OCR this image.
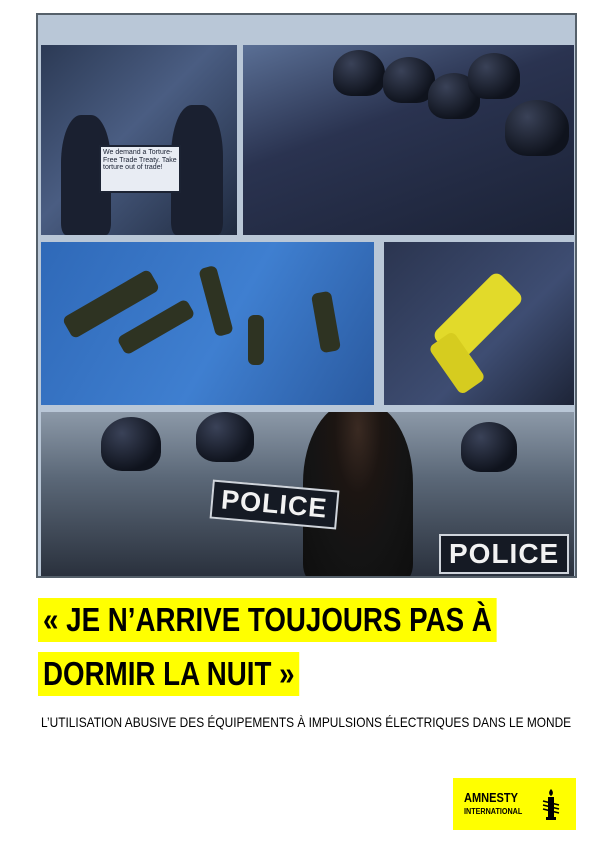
We demand a Torture-Free Trade Treaty. Take torture out of trade!
POLICE
POLICE
« JE N’ARRIVE TOUJOURS PAS À
DORMIR LA NUIT »
L’UTILISATION ABUSIVE DES ÉQUIPEMENTS À IMPULSIONS ÉLECTRIQUES DANS LE MONDE
AMNESTY
INTERNATIONAL
